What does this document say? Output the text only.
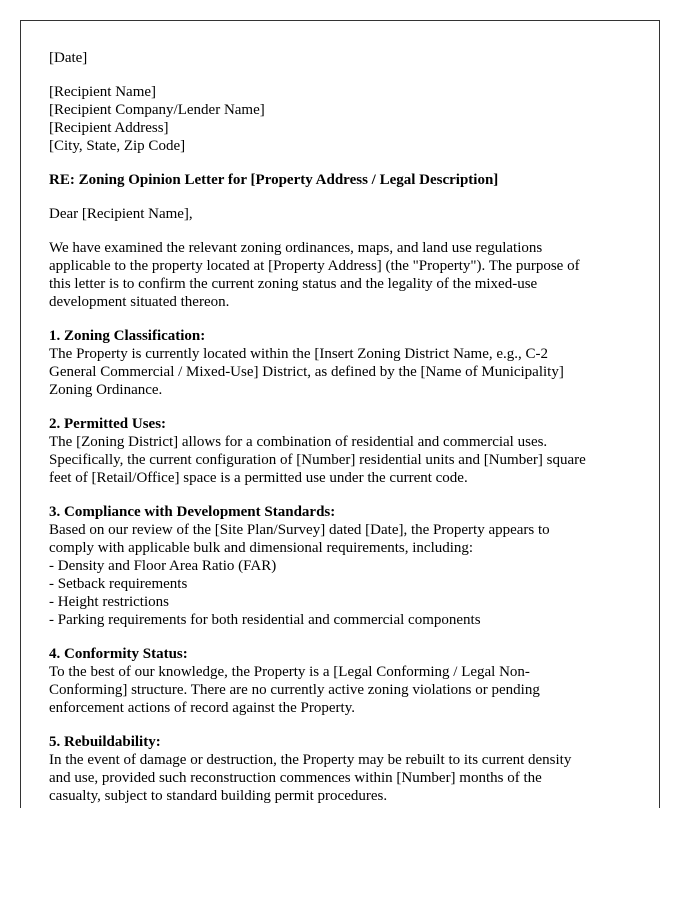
[Date]

[Recipient Name]
[Recipient Company/Lender Name]
[Recipient Address]
[City, State, Zip Code]

RE: Zoning Opinion Letter for [Property Address / Legal Description]

Dear [Recipient Name],

We have examined the relevant zoning ordinances, maps, and land use regulations
applicable to the property located at [Property Address] (the "Property"). The purpose of
this letter is to confirm the current zoning status and the legality of the mixed-use
development situated thereon.

1. Zoning Classification:
The Property is currently located within the [Insert Zoning District Name, e.g., C-2
General Commercial / Mixed-Use] District, as defined by the [Name of Municipality]
Zoning Ordinance.
2. Permitted Uses:
The [Zoning District] allows for a combination of residential and commercial uses.
Specifically, the current configuration of [Number] residential units and [Number] square
feet of [Retail/Office] space is a permitted use under the current code.
3. Compliance with Development Standards:
Based on our review of the [Site Plan/Survey] dated [Date], the Property appears to
comply with applicable bulk and dimensional requirements, including:
- Density and Floor Area Ratio (FAR)
- Setback requirements
- Height restrictions
- Parking requirements for both residential and commercial components
4. Conformity Status:
To the best of our knowledge, the Property is a [Legal Conforming / Legal Non-
Conforming] structure. There are no currently active zoning violations or pending
enforcement actions of record against the Property.
5. Rebuildability:
In the event of damage or destruction, the Property may be rebuilt to its current density
and use, provided such reconstruction commences within [Number] months of the
casualty, subject to standard building permit procedures.
